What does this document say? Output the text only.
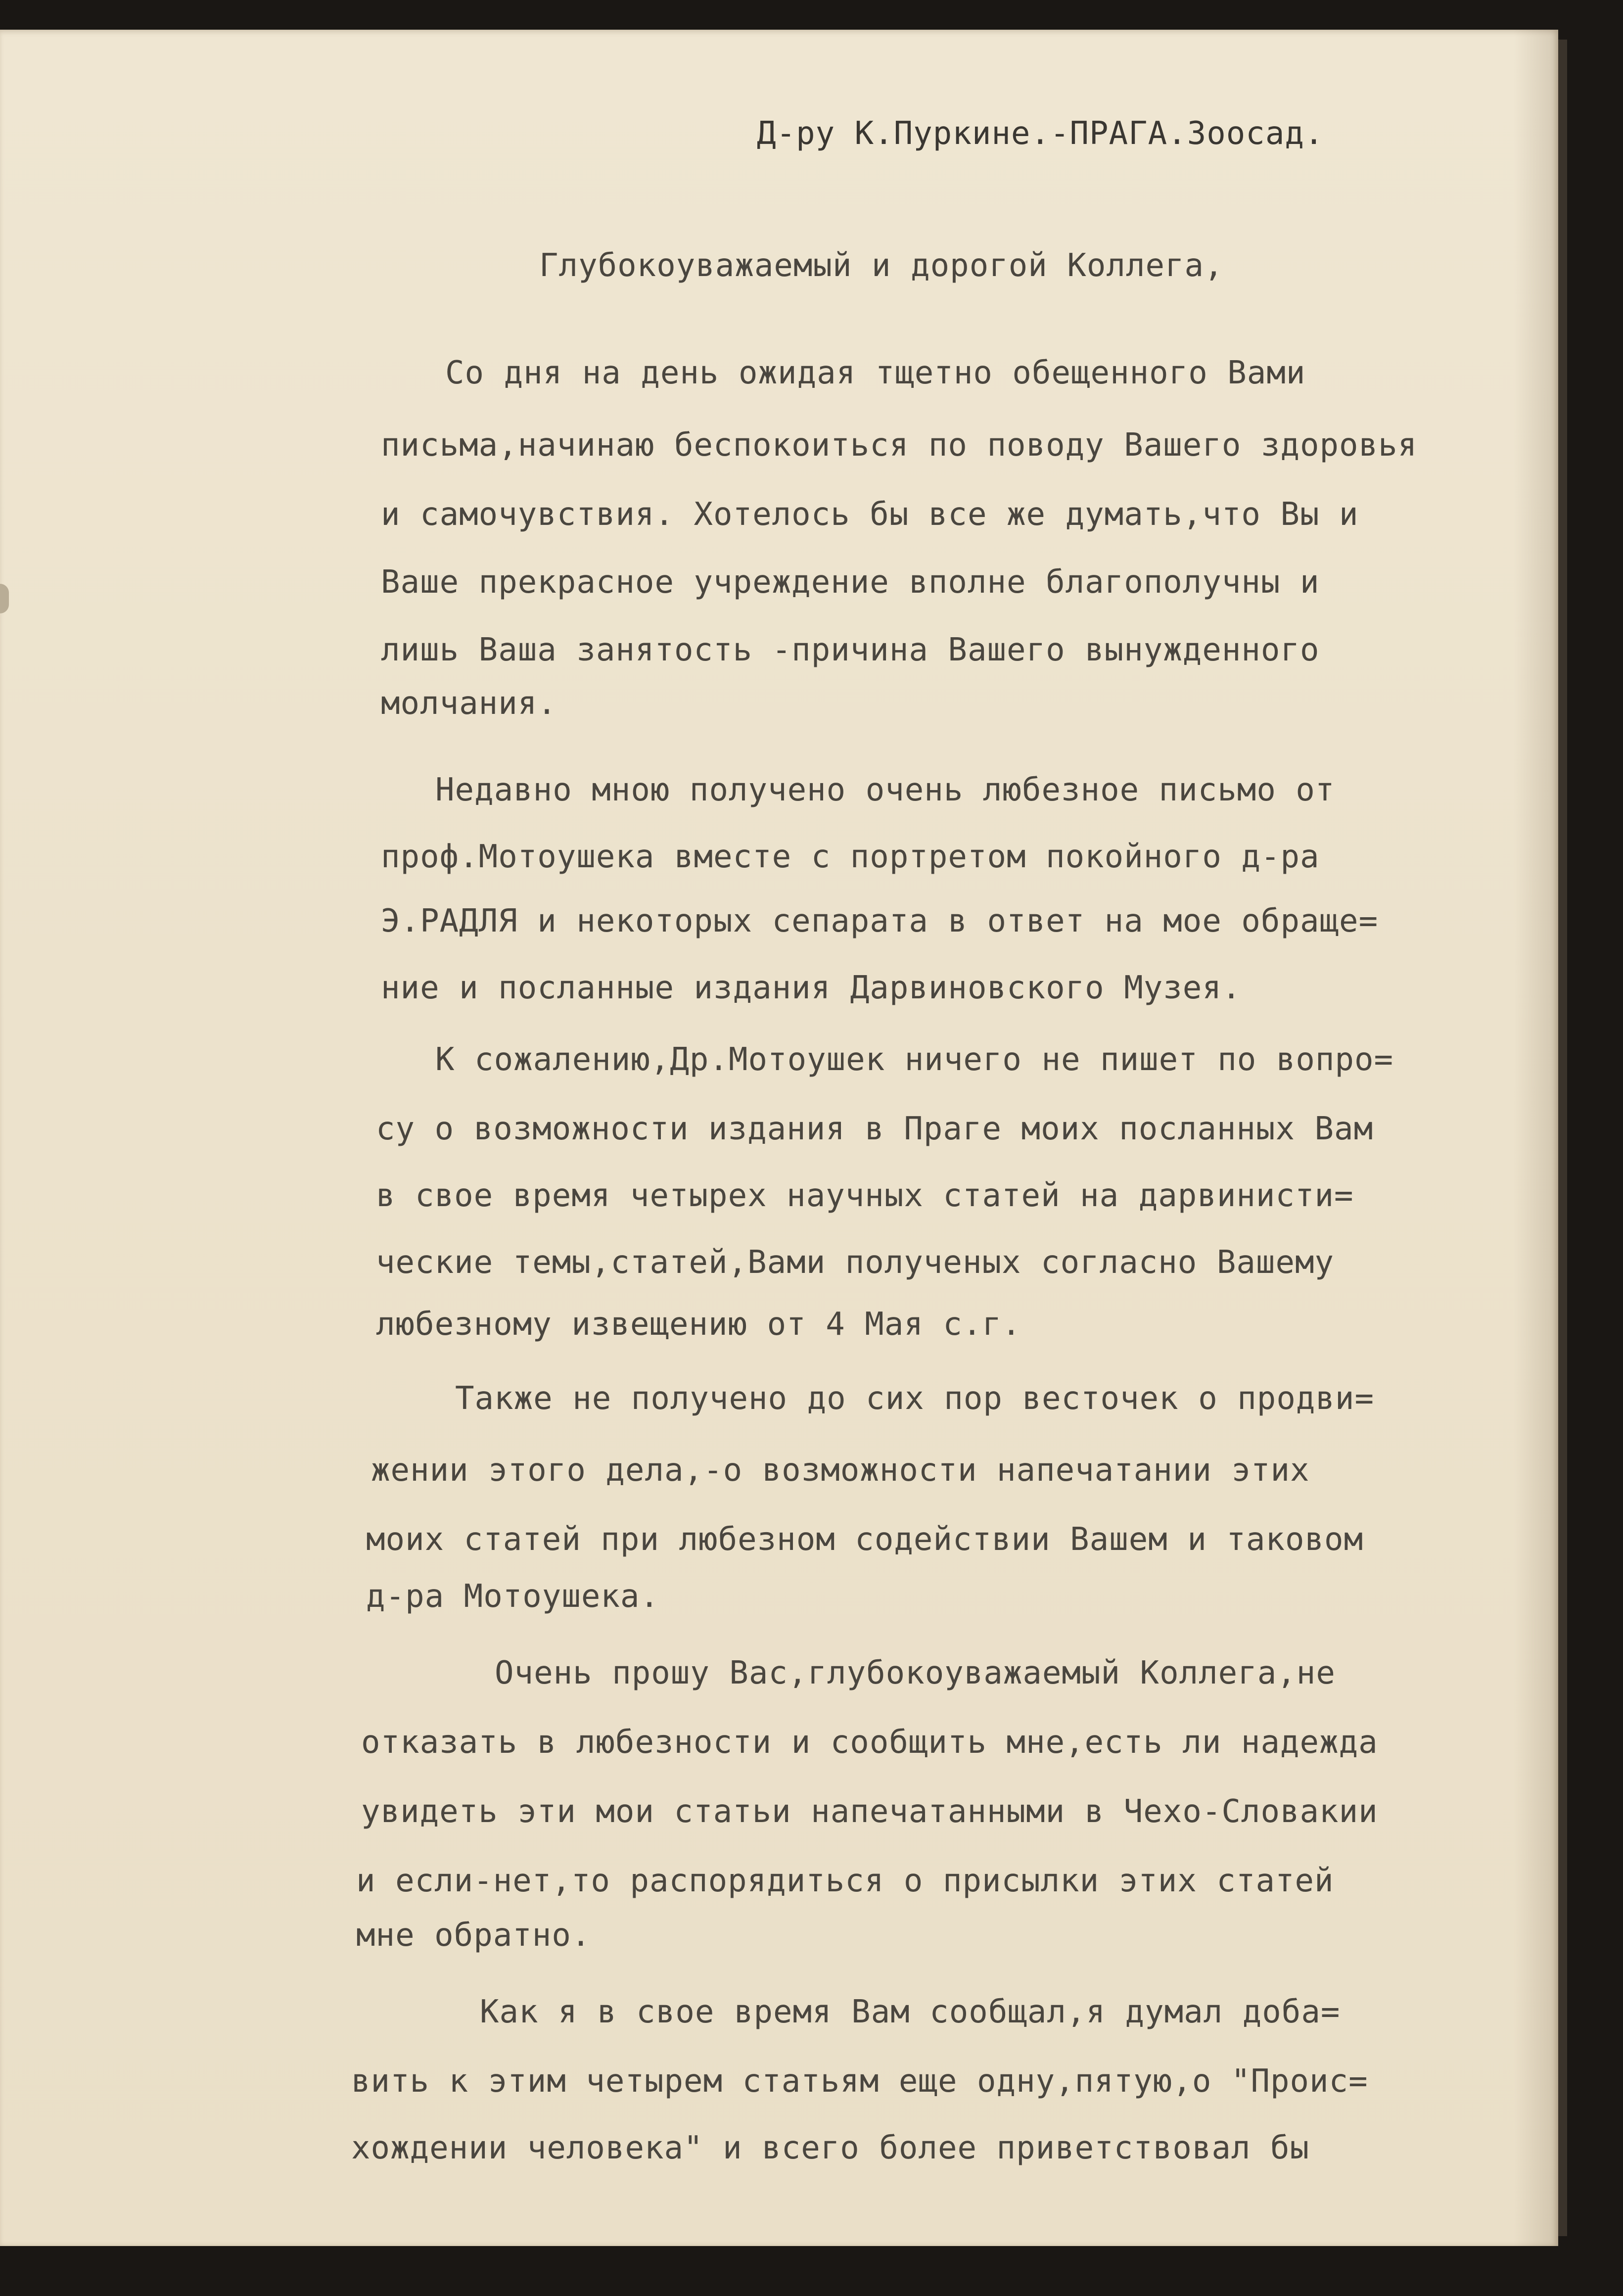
Д-ру К.Пуркине.-ПРАГА.Зоосад.

Глубокоуважаемый и дорогой Коллега,

Со дня на день ожидая тщетно обещенного Вами

письма,начинаю беспокоиться по поводу Вашего здоровья

и самочувствия. Хотелось бы все же думать,что Вы и

Ваше прекрасное учреждение вполне благополучны и

лишь Ваша занятость -причина Вашего вынужденного

молчания.

Недавно мною получено очень любезное письмо от

проф.Мотоушека вместе с портретом покойного д-ра

Э.РАДЛЯ и некоторых сепарата в ответ на мое обраще=

ние и посланные издания Дарвиновского Музея.

К сожалению,Др.Мотоушек ничего не пишет по вопро=

су о возможности издания в Праге моих посланных Вам

в свое время четырех научных статей на дарвинисти=

ческие темы,статей,Вами полученых согласно Вашему

любезному извещению от 4 Мая с.г.

Также не получено до сих пор весточек о продви=

жении этого дела,-о возможности напечатании этих

моих статей при любезном содействии Вашем и таковом

д-ра Мотоушека.

Очень прошу Вас,глубокоуважаемый Коллега,не

отказать в любезности и сообщить мне,есть ли надежда

увидеть эти мои статьи напечатанными в Чехо-Словакии

и если-нет,то распорядиться о присылки этих статей

мне обратно.

Как я в свое время Вам сообщал,я думал доба=

вить к этим четырем статьям еще одну,пятую,о "Проис=

хождении человека" и всего более приветствовал бы
